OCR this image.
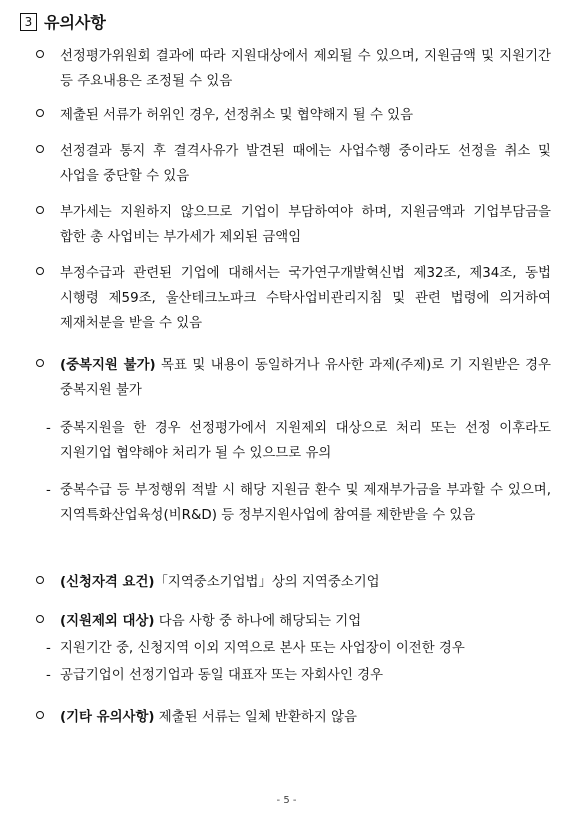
3 유의사항
선정평가위원회 결과에 따라 지원대상에서 제외될 수 있으며, 지원금액 및 지원기간 등 주요내용은 조정될 수 있음
제출된 서류가 허위인 경우, 선정취소 및 협약해지 될 수 있음
선정결과 통지 후 결격사유가 발견된 때에는 사업수행 중이라도 선정을 취소 및 사업을 중단할 수 있음
부가세는 지원하지 않으므로 기업이 부담하여야 하며, 지원금액과 기업부담금을 합한 총 사업비는 부가세가 제외된 금액임
부정수급과 관련된 기업에 대해서는 국가연구개발혁신법 제32조, 제34조, 동법 시행령 제59조, 울산테크노파크 수탁사업비관리지침 및 관련 법령에 의거하여 제재처분을 받을 수 있음
(중복지원 불가) 목표 및 내용이 동일하거나 유사한 과제(주제)로 기 지원받은 경우 중복지원 불가
- 중복지원을 한 경우 선정평가에서 지원제외 대상으로 처리 또는 선정 이후라도 지원기업 협약해야 처리가 될 수 있으므로 유의
- 중복수급 등 부정행위 적발 시 해당 지원금 환수 및 제재부가금을 부과할 수 있으며, 지역특화산업육성(비R&D) 등 정부지원사업에 참여를 제한받을 수 있음
(신청자격 요건)「지역중소기업법」상의 지역중소기업
(지원제외 대상) 다음 사항 중 하나에 해당되는 기업
- 지원기간 중, 신청지역 이외 지역으로 본사 또는 사업장이 이전한 경우
- 공급기업이 선정기업과 동일 대표자 또는 자회사인 경우
(기타 유의사항) 제출된 서류는 일체 반환하지 않음
- 5 -
